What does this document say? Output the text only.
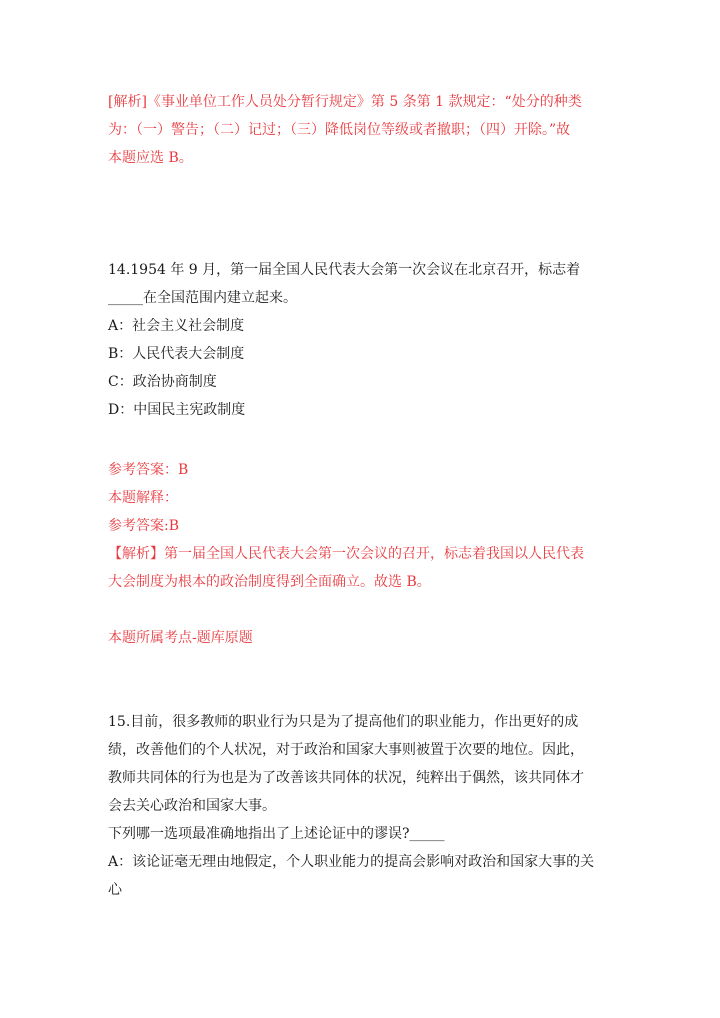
[解析]《事业单位工作人员处分暂行规定》第 5 条第 1 款规定：“处分的种类
为：（一）警告；（二）记过；（三）降低岗位等级或者撤职；（四）开除。”故
本题应选 B。
14.1954 年 9 月，第一届全国人民代表大会第一次会议在北京召开，标志着
_____在全国范围内建立起来。
A：社会主义社会制度
B：人民代表大会制度
C：政治协商制度
D：中国民主宪政制度
参考答案：B
本题解释：
参考答案:B
【解析】第一届全国人民代表大会第一次会议的召开，标志着我国以人民代表
大会制度为根本的政治制度得到全面确立。故选 B。
本题所属考点-题库原题
15.目前，很多教师的职业行为只是为了提高他们的职业能力，作出更好的成
绩，改善他们的个人状况，对于政治和国家大事则被置于次要的地位。因此，
教师共同体的行为也是为了改善该共同体的状况，纯粹出于偶然，该共同体才
会去关心政治和国家大事。
下列哪一选项最准确地指出了上述论证中的谬误?_____
A：该论证毫无理由地假定，个人职业能力的提高会影响对政治和国家大事的关
心
